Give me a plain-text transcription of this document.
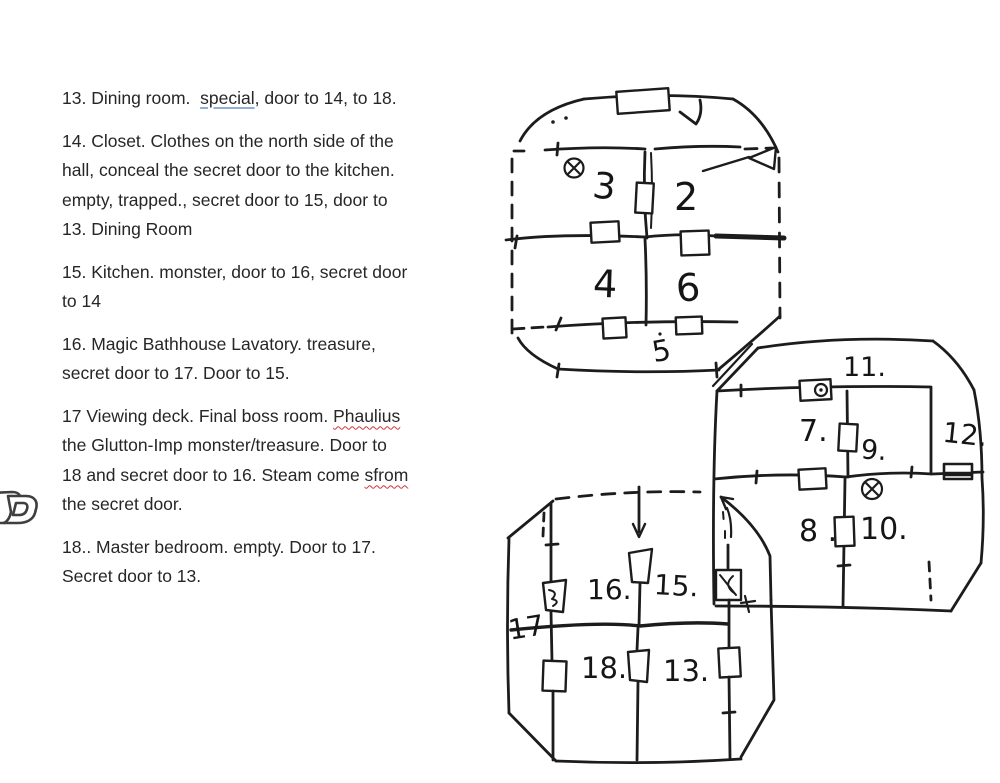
13. Dining room.  special, door to 14, to 18.
14. Closet. Clothes on the north side of the
hall, conceal the secret door to the kitchen.
empty, trapped., secret door to 15, door to
13. Dining Room
15. Kitchen. monster, door to 16, secret door
to 14
16. Magic Bathhouse Lavatory. treasure,
secret door to 17. Door to 15.
17 Viewing deck. Final boss room. Phaulius
the Glutton-Imp monster/treasure. Door to
18 and secret door to 16. Steam come sfrom
the secret door.
18.. Master bedroom. empty. Door to 17.
Secret door to 13.
3 2
4 6
5	11.
7.
9. 12.
8 . 10.
17
16. 15.
18. 13.
